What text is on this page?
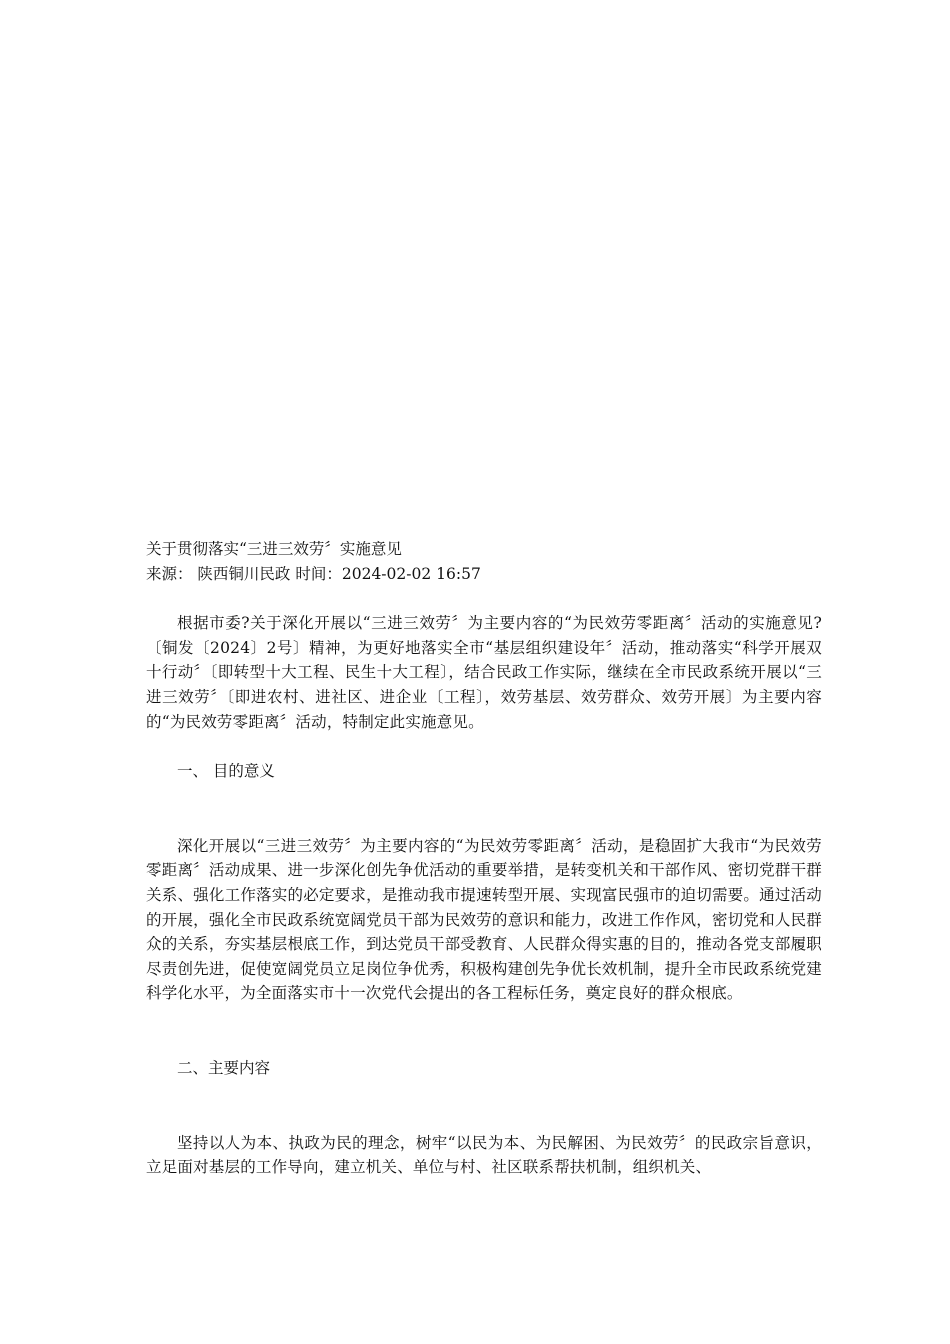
关于贯彻落实“三进三效劳〞实施意见

来源： 陕西铜川民政 时间：2024-02-02 16:57

根据市委?关于深化开展以“三进三效劳〞为主要内容的“为民效劳零距离〞活动的实施意见?〔铜发〔2024〕2号〕精神，为更好地落实全市“基层组织建设年〞活动，推动落实“科学开展双十行动〞〔即转型十大工程、民生十大工程〕，结合民政工作实际，继续在全市民政系统开展以“三进三效劳〞〔即进农村、进社区、进企业〔工程〕，效劳基层、效劳群众、效劳开展〕为主要内容的“为民效劳零距离〞活动，特制定此实施意见。

一、 目的意义

深化开展以“三进三效劳〞为主要内容的“为民效劳零距离〞活动，是稳固扩大我市“为民效劳零距离〞活动成果、进一步深化创先争优活动的重要举措，是转变机关和干部作风、密切党群干群关系、强化工作落实的必定要求，是推动我市提速转型开展、实现富民强市的迫切需要。通过活动的开展，强化全市民政系统宽阔党员干部为民效劳的意识和能力，改进工作作风，密切党和人民群众的关系，夯实基层根底工作，到达党员干部受教育、人民群众得实惠的目的，推动各党支部履职尽责创先进，促使宽阔党员立足岗位争优秀，积极构建创先争优长效机制，提升全市民政系统党建科学化水平，为全面落实市十一次党代会提出的各工程标任务，奠定良好的群众根底。

二、主要内容

坚持以人为本、执政为民的理念，树牢“以民为本、为民解困、为民效劳〞的民政宗旨意识，立足面对基层的工作导向，建立机关、单位与村、社区联系帮扶机制，组织机关、
